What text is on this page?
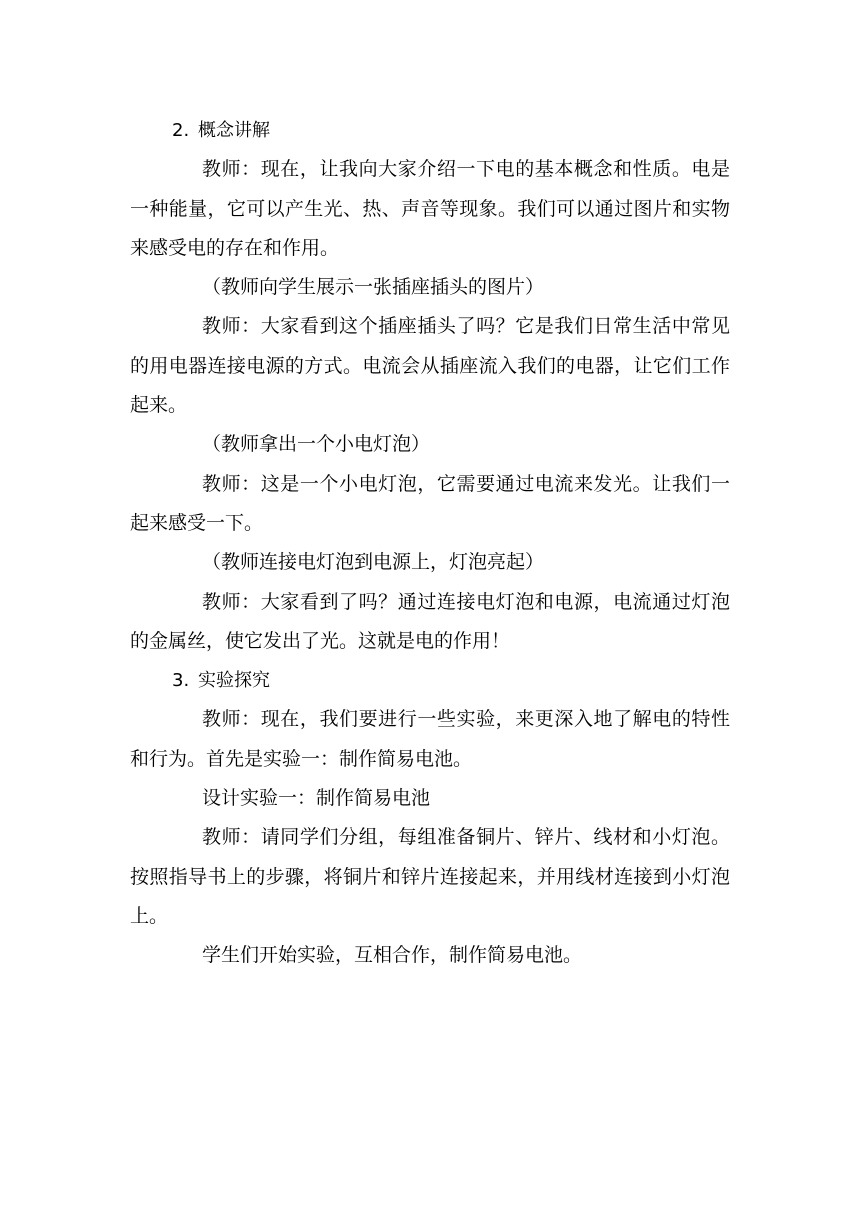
2. 概念讲解

教师：现在，让我向大家介绍一下电的基本概念和性质。电是一种能量，它可以产生光、热、声音等现象。我们可以通过图片和实物来感受电的存在和作用。

（教师向学生展示一张插座插头的图片）

教师：大家看到这个插座插头了吗？它是我们日常生活中常见的用电器连接电源的方式。电流会从插座流入我们的电器，让它们工作起来。

（教师拿出一个小电灯泡）

教师：这是一个小电灯泡，它需要通过电流来发光。让我们一起来感受一下。

（教师连接电灯泡到电源上，灯泡亮起）

教师：大家看到了吗？通过连接电灯泡和电源，电流通过灯泡的金属丝，使它发出了光。这就是电的作用！

3. 实验探究

教师：现在，我们要进行一些实验，来更深入地了解电的特性和行为。首先是实验一：制作简易电池。

设计实验一：制作简易电池

教师：请同学们分组，每组准备铜片、锌片、线材和小灯泡。按照指导书上的步骤，将铜片和锌片连接起来，并用线材连接到小灯泡上。

学生们开始实验，互相合作，制作简易电池。
